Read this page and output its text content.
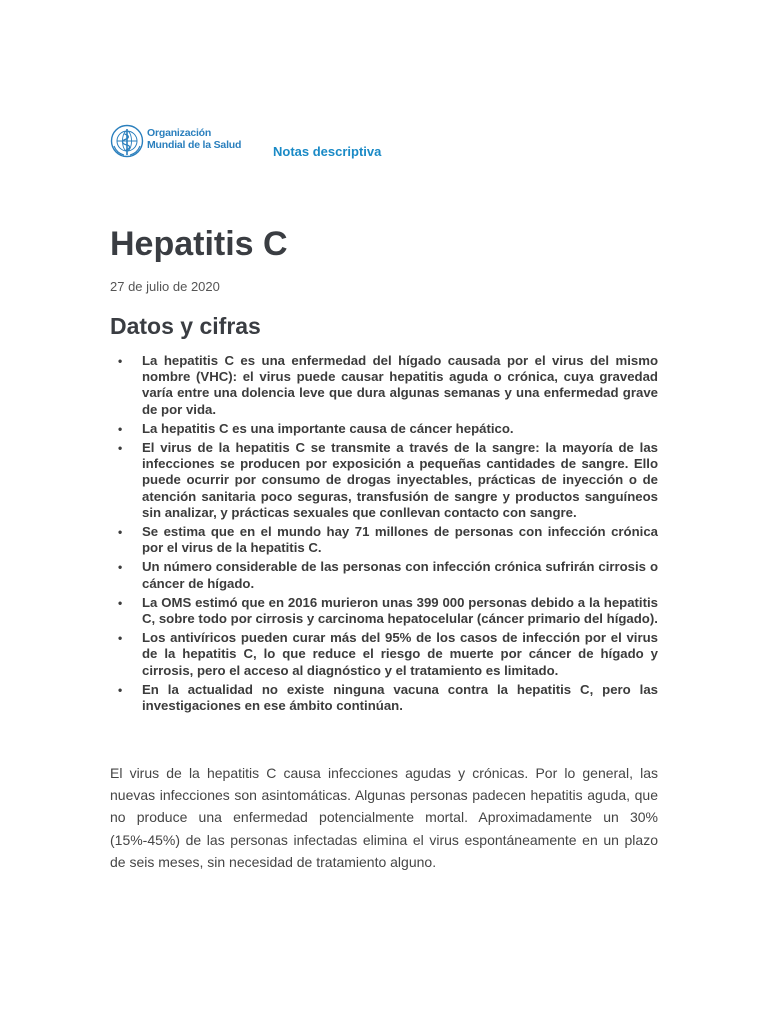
Organización
Mundial de la Salud Notas descriptiva
Hepatitis C
27 de julio de 2020
Datos y cifras
• La hepatitis C es una enfermedad del hígado causada por el virus del mismo nombre (VHC): el virus puede causar hepatitis aguda o crónica, cuya gravedad varía entre una dolencia leve que dura algunas semanas y una enfermedad grave de por vida.
• La hepatitis C es una importante causa de cáncer hepático.
• El virus de la hepatitis C se transmite a través de la sangre: la mayoría de las infecciones se producen por exposición a pequeñas cantidades de sangre. Ello puede ocurrir por consumo de drogas inyectables, prácticas de inyección o de atención sanitaria poco seguras, transfusión de sangre y productos sanguíneos sin analizar, y prácticas sexuales que conllevan contacto con sangre.
• Se estima que en el mundo hay 71 millones de personas con infección crónica por el virus de la hepatitis C.
• Un número considerable de las personas con infección crónica sufrirán cirrosis o cáncer de hígado.
• La OMS estimó que en 2016 murieron unas 399 000 personas debido a la hepatitis C, sobre todo por cirrosis y carcinoma hepatocelular (cáncer primario del hígado).
• Los antivíricos pueden curar más del 95% de los casos de infección por el virus de la hepatitis C, lo que reduce el riesgo de muerte por cáncer de hígado y cirrosis, pero el acceso al diagnóstico y el tratamiento es limitado.
• En la actualidad no existe ninguna vacuna contra la hepatitis C, pero las investigaciones en ese ámbito continúan.

El virus de la hepatitis C causa infecciones agudas y crónicas. Por lo general, las nuevas infecciones son asintomáticas. Algunas personas padecen hepatitis aguda, que no produce una enfermedad potencialmente mortal. Aproximadamente un 30% (15%-45%) de las personas infectadas elimina el virus espontáneamente en un plazo de seis meses, sin necesidad de tratamiento alguno.
